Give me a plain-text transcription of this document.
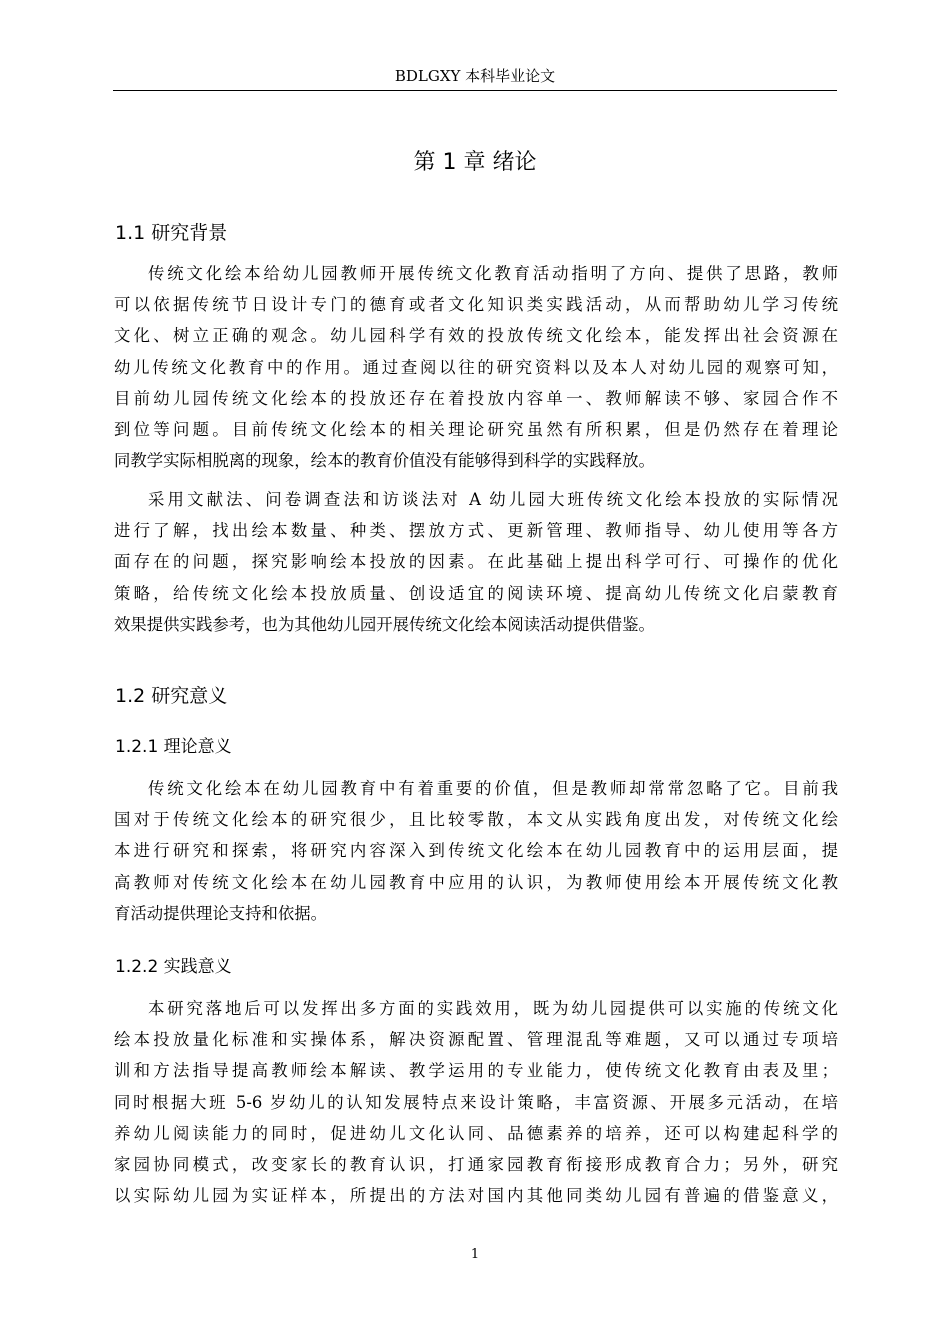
BDLGXY 本科毕业论文
第 1 章 绪论
1.1 研究背景
传统文化绘本给幼儿园教师开展传统文化教育活动指明了方向、提供了思路，教师
可以依据传统节日设计专门的德育或者文化知识类实践活动，从而帮助幼儿学习传统
文化、树立正确的观念。幼儿园科学有效的投放传统文化绘本，能发挥出社会资源在
幼儿传统文化教育中的作用。通过查阅以往的研究资料以及本人对幼儿园的观察可知，
目前幼儿园传统文化绘本的投放还存在着投放内容单一、教师解读不够、家园合作不
到位等问题。目前传统文化绘本的相关理论研究虽然有所积累，但是仍然存在着理论
同教学实际相脱离的现象，绘本的教育价值没有能够得到科学的实践释放。
采用文献法、问卷调查法和访谈法对 A 幼儿园大班传统文化绘本投放的实际情况
进行了解，找出绘本数量、种类、摆放方式、更新管理、教师指导、幼儿使用等各方
面存在的问题，探究影响绘本投放的因素。在此基础上提出科学可行、可操作的优化
策略，给传统文化绘本投放质量、创设适宜的阅读环境、提高幼儿传统文化启蒙教育
效果提供实践参考，也为其他幼儿园开展传统文化绘本阅读活动提供借鉴。
1.2 研究意义
1.2.1 理论意义
传统文化绘本在幼儿园教育中有着重要的价值，但是教师却常常忽略了它。目前我
国对于传统文化绘本的研究很少，且比较零散，本文从实践角度出发，对传统文化绘
本进行研究和探索，将研究内容深入到传统文化绘本在幼儿园教育中的运用层面，提
高教师对传统文化绘本在幼儿园教育中应用的认识，为教师使用绘本开展传统文化教
育活动提供理论支持和依据。
1.2.2 实践意义
本研究落地后可以发挥出多方面的实践效用，既为幼儿园提供可以实施的传统文化
绘本投放量化标准和实操体系，解决资源配置、管理混乱等难题，又可以通过专项培
训和方法指导提高教师绘本解读、教学运用的专业能力，使传统文化教育由表及里；
同时根据大班 5-6 岁幼儿的认知发展特点来设计策略，丰富资源、开展多元活动，在培
养幼儿阅读能力的同时，促进幼儿文化认同、品德素养的培养，还可以构建起科学的
家园协同模式，改变家长的教育认识，打通家园教育衔接形成教育合力；另外，研究
以实际幼儿园为实证样本，所提出的方法对国内其他同类幼儿园有普遍的借鉴意义，
1
